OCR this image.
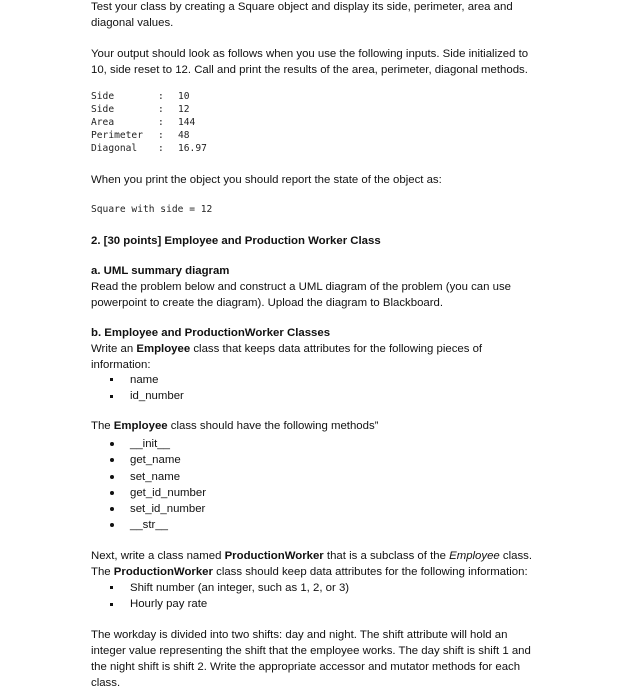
Test your class by creating a Square object and display its side, perimeter, area and
diagonal values.
Your output should look as follows when you use the following inputs. Side initialized to
10, side reset to 12. Call and print the results of the area, perimeter, diagonal methods.
Side	: 10
Side	: 12
Area	: 144
Perimeter : 48
Diagonal : 16.97
When you print the object you should report the state of the object as:
Square with side = 12
2. [30 points] Employee and Production Worker Class
a. UML summary diagram
Read the problem below and construct a UML diagram of the problem (you can use
powerpoint to create the diagram). Upload the diagram to Blackboard.
b. Employee and ProductionWorker Classes
Write an Employee class that keeps data attributes for the following pieces of
information:
name
id_number
The Employee class should have the following methods”
__init__
get_name
set_name
get_id_number
set_id_number
__str__
Next, write a class named ProductionWorker that is a subclass of the Employee class.
The ProductionWorker class should keep data attributes for the following information:
Shift number (an integer, such as 1, 2, or 3)
Hourly pay rate
The workday is divided into two shifts: day and night. The shift attribute will hold an
integer value representing the shift that the employee works. The day shift is shift 1 and
the night shift is shift 2. Write the appropriate accessor and mutator methods for each
class.
